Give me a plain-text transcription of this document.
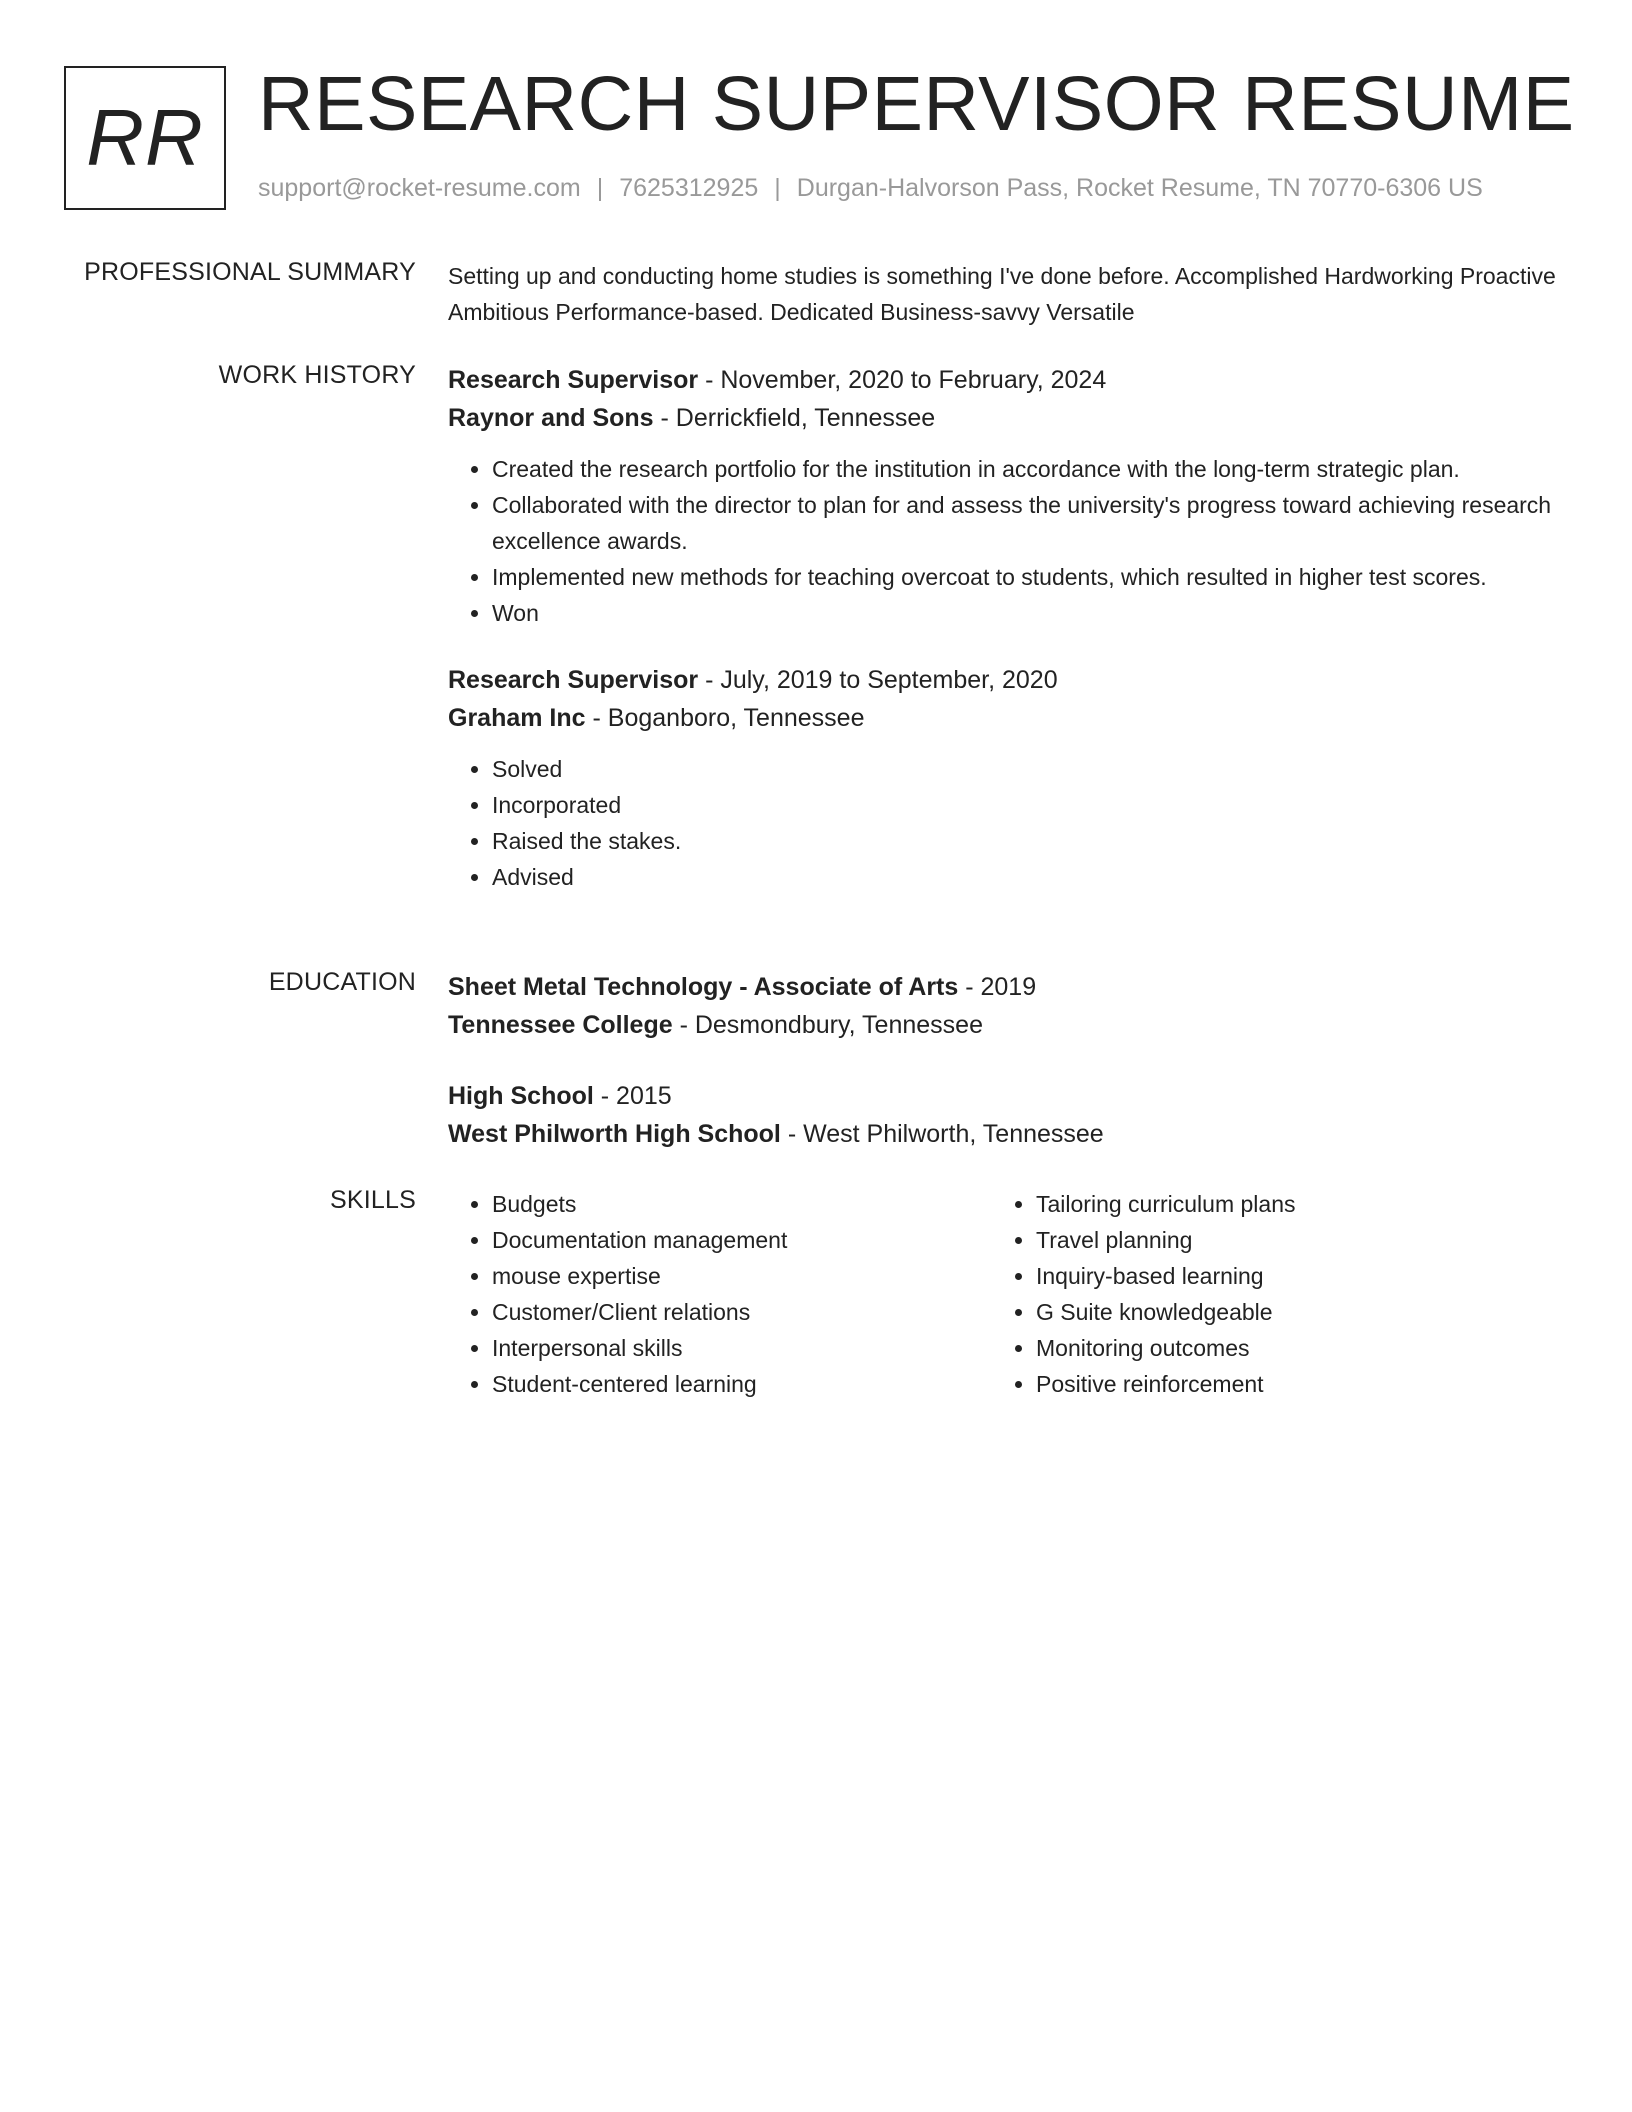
RR RESEARCH SUPERVISOR RESUME
support@rocket-resume.com | 7625312925 | Durgan-Halvorson Pass, Rocket Resume, TN 70770-6306 US
PROFESSIONAL SUMMARY Setting up and conducting home studies is something I've done before. Accomplished Hardworking Proactive Ambitious Performance-based. Dedicated Business-savvy Versatile

WORK HISTORY Research Supervisor - November, 2020 to February, 2024
Raynor and Sons - Derrickfield, Tennessee
• Created the research portfolio for the institution in accordance with the long-term strategic plan.
• Collaborated with the director to plan for and assess the university's progress toward achieving research excellence awards.
• Implemented new methods for teaching overcoat to students, which resulted in higher test scores.
• Won
Research Supervisor - July, 2019 to September, 2020
Graham Inc - Boganboro, Tennessee
• Solved
• Incorporated
• Raised the stakes.
• Advised
EDUCATION Sheet Metal Technology - Associate of Arts - 2019
Tennessee College - Desmondbury, Tennessee
High School - 2015
West Philworth High School - West Philworth, Tennessee
SKILLS
•	Budgets
• Documentation management
• mouse expertise
• Customer/Client relations
• Interpersonal skills
• Student-centered learning
• Tailoring curriculum plans
• Travel planning
• Inquiry-based learning
• G Suite knowledgeable
• Monitoring outcomes
• Positive reinforcement
